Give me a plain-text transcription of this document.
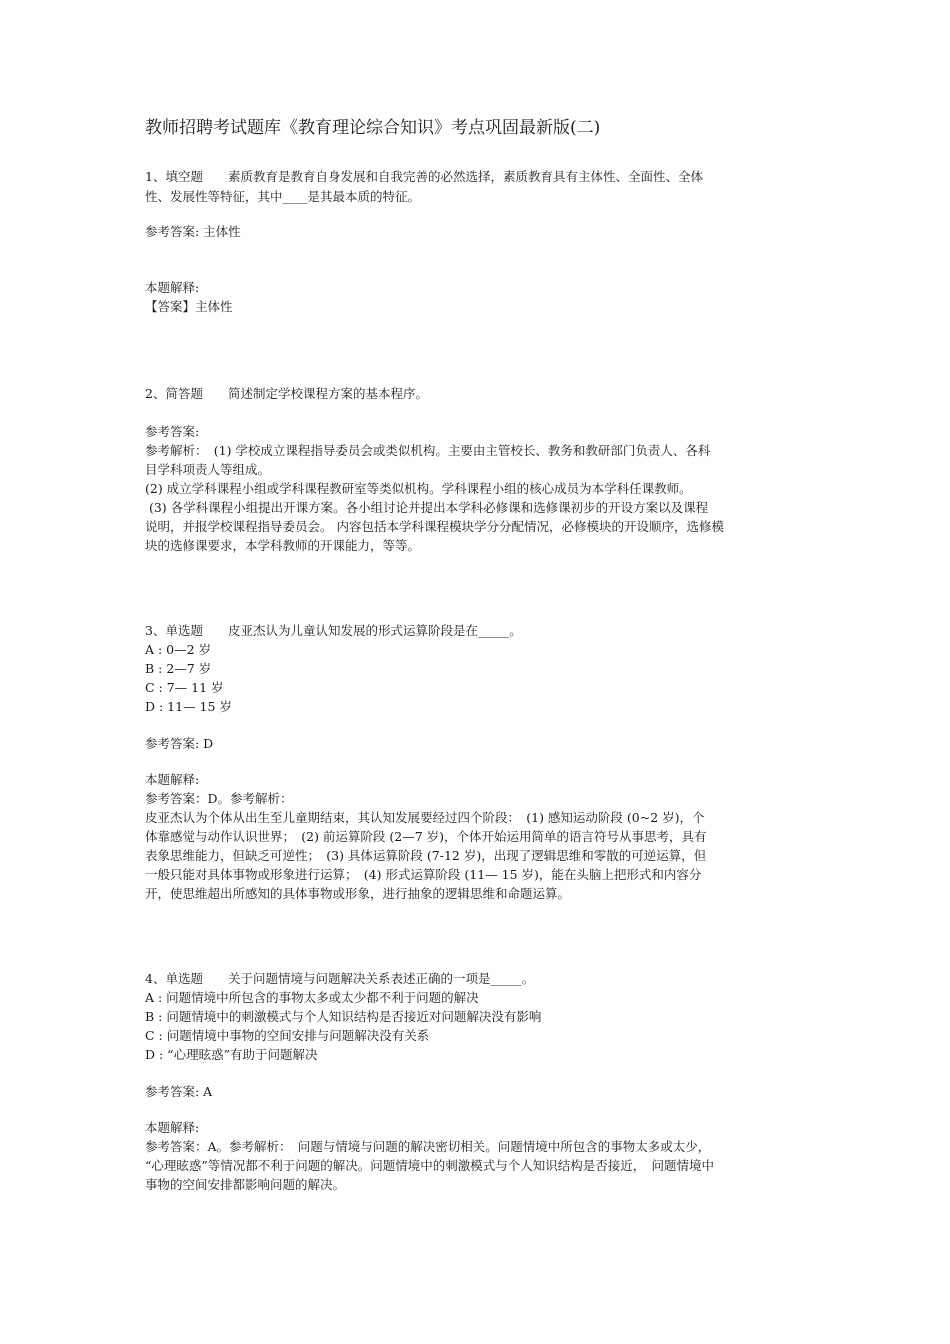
教师招聘考试题库《教育理论综合知识》考点巩固最新版(二)
1、填空题　　素质教育是教育自身发展和自我完善的必然选择，素质教育具有主体性、全面性、全体
性、发展性等特征，其中____是其最本质的特征。
参考答案: 主体性
本题解释:
【答案】主体性
2、简答题　　简述制定学校课程方案的基本程序。
参考答案:
参考解析：　(1) 学校成立课程指导委员会或类似机构。主要由主管校长、教务和教研部门负责人、各科
目学科项责人等组成。
(2) 成立学科课程小组或学科课程教研室等类似机构。学科课程小组的核心成员为本学科任课教师。
(3) 各学科课程小组提出开课方案。各小组讨论并提出本学科必修课和选修课初步的开设方案以及课程
说明，并报学校课程指导委员会。 内容包括本学科课程模块学分分配情况，必修模块的开设顺序，选修模
块的选修课要求，本学科教师的开课能力，等等。
3、单选题　　皮亚杰认为儿童认知发展的形式运算阶段是在_____。
A : 0—2 岁
B : 2—7 岁
C : 7— 11 岁
D : 11— 15 岁
参考答案: D
本题解释:
参考答案：D。参考解析：
皮亚杰认为个体从出生至儿童期结束，其认知发展要经过四个阶段：　(1) 感知运动阶段 (0~2 岁)，个
体靠感觉与动作认识世界；　(2) 前运算阶段 (2—7 岁)，个体开始运用简单的语言符号从事思考，具有
表象思维能力，但缺乏可逆性；　(3) 具体运算阶段 (7-12 岁)，出现了逻辑思维和零散的可逆运算，但
一般只能对具体事物或形象进行运算；　(4) 形式运算阶段 (11— 15 岁)，能在头脑上把形式和内容分
开，使思维超出所感知的具体事物或形象，进行抽象的逻辑思维和命题运算。
4、单选题　　关于问题情境与问题解决关系表述正确的一项是_____。
A : 问题情境中所包含的事物太多或太少都不利于问题的解决
B : 问题情境中的刺激模式与个人知识结构是否接近对问题解决没有影响
C : 问题情境中事物的空间安排与问题解决没有关系
D : “心理眩惑”有助于问题解决
参考答案: A
本题解释:
参考答案：A。参考解析：　问题与情境与问题的解决密切相关。问题情境中所包含的事物太多或太少，
“心理眩惑”等情况都不利于问题的解决。问题情境中的刺激模式与个人知识结构是否接近，　问题情境中
事物的空间安排都影响问题的解决。
